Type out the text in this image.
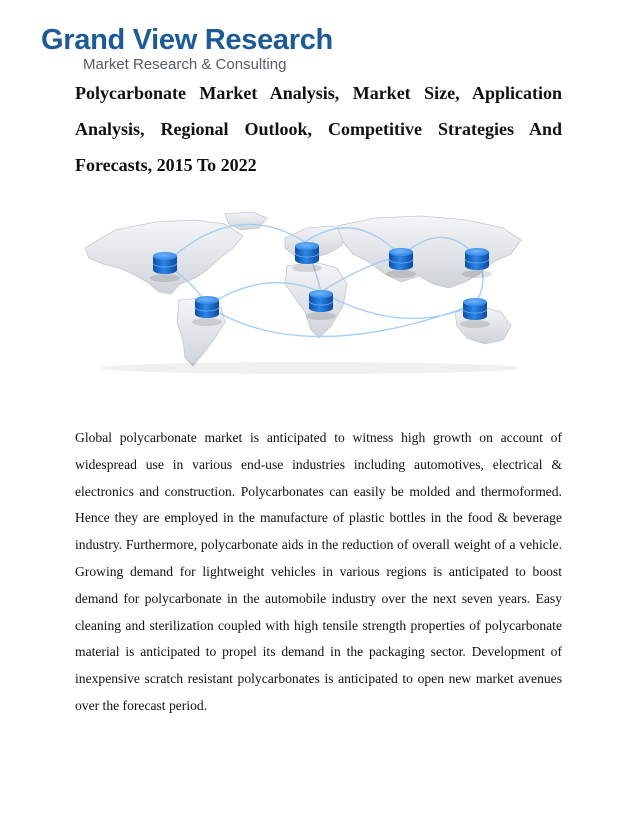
Grand View Research
Market Research & Consulting
Polycarbonate Market Analysis, Market Size, Application Analysis, Regional Outlook, Competitive Strategies And Forecasts, 2015 To 2022

Global polycarbonate market is anticipated to witness high growth on account of widespread use in various end-use industries including automotives, electrical & electronics and construction. Polycarbonates can easily be molded and thermoformed. Hence they are employed in the manufacture of plastic bottles in the food & beverage industry. Furthermore, polycarbonate aids in the reduction of overall weight of a vehicle. Growing demand for lightweight vehicles in various regions is anticipated to boost demand for polycarbonate in the automobile industry over the next seven years. Easy cleaning and sterilization coupled with high tensile strength properties of polycarbonate material is anticipated to propel its demand in the packaging sector. Development of inexpensive scratch resistant polycarbonates is anticipated to open new market avenues over the forecast period.
